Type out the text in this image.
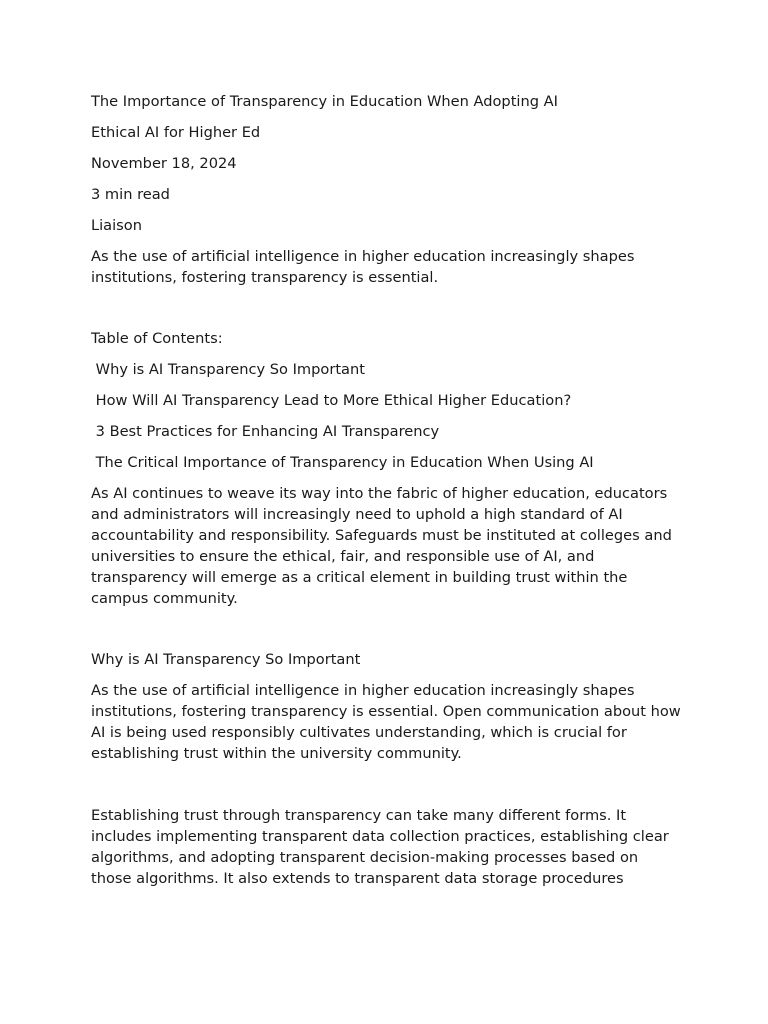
The Importance of Transparency in Education When Adopting AI

Ethical AI for Higher Ed

November 18, 2024

3 min read

Liaison

As the use of artificial intelligence in higher education increasingly shapes institutions, fostering transparency is essential.

Table of Contents:

Why is AI Transparency So Important

How Will AI Transparency Lead to More Ethical Higher Education?

3 Best Practices for Enhancing AI Transparency

The Critical Importance of Transparency in Education When Using AI

As AI continues to weave its way into the fabric of higher education, educators and administrators will increasingly need to uphold a high standard of AI accountability and responsibility. Safeguards must be instituted at colleges and universities to ensure the ethical, fair, and responsible use of AI, and transparency will emerge as a critical element in building trust within the campus community.

Why is AI Transparency So Important

As the use of artificial intelligence in higher education increasingly shapes institutions, fostering transparency is essential. Open communication about how AI is being used responsibly cultivates understanding, which is crucial for establishing trust within the university community.

Establishing trust through transparency can take many different forms. It includes implementing transparent data collection practices, establishing clear algorithms, and adopting transparent decision-making processes based on those algorithms. It also extends to transparent data storage procedures
